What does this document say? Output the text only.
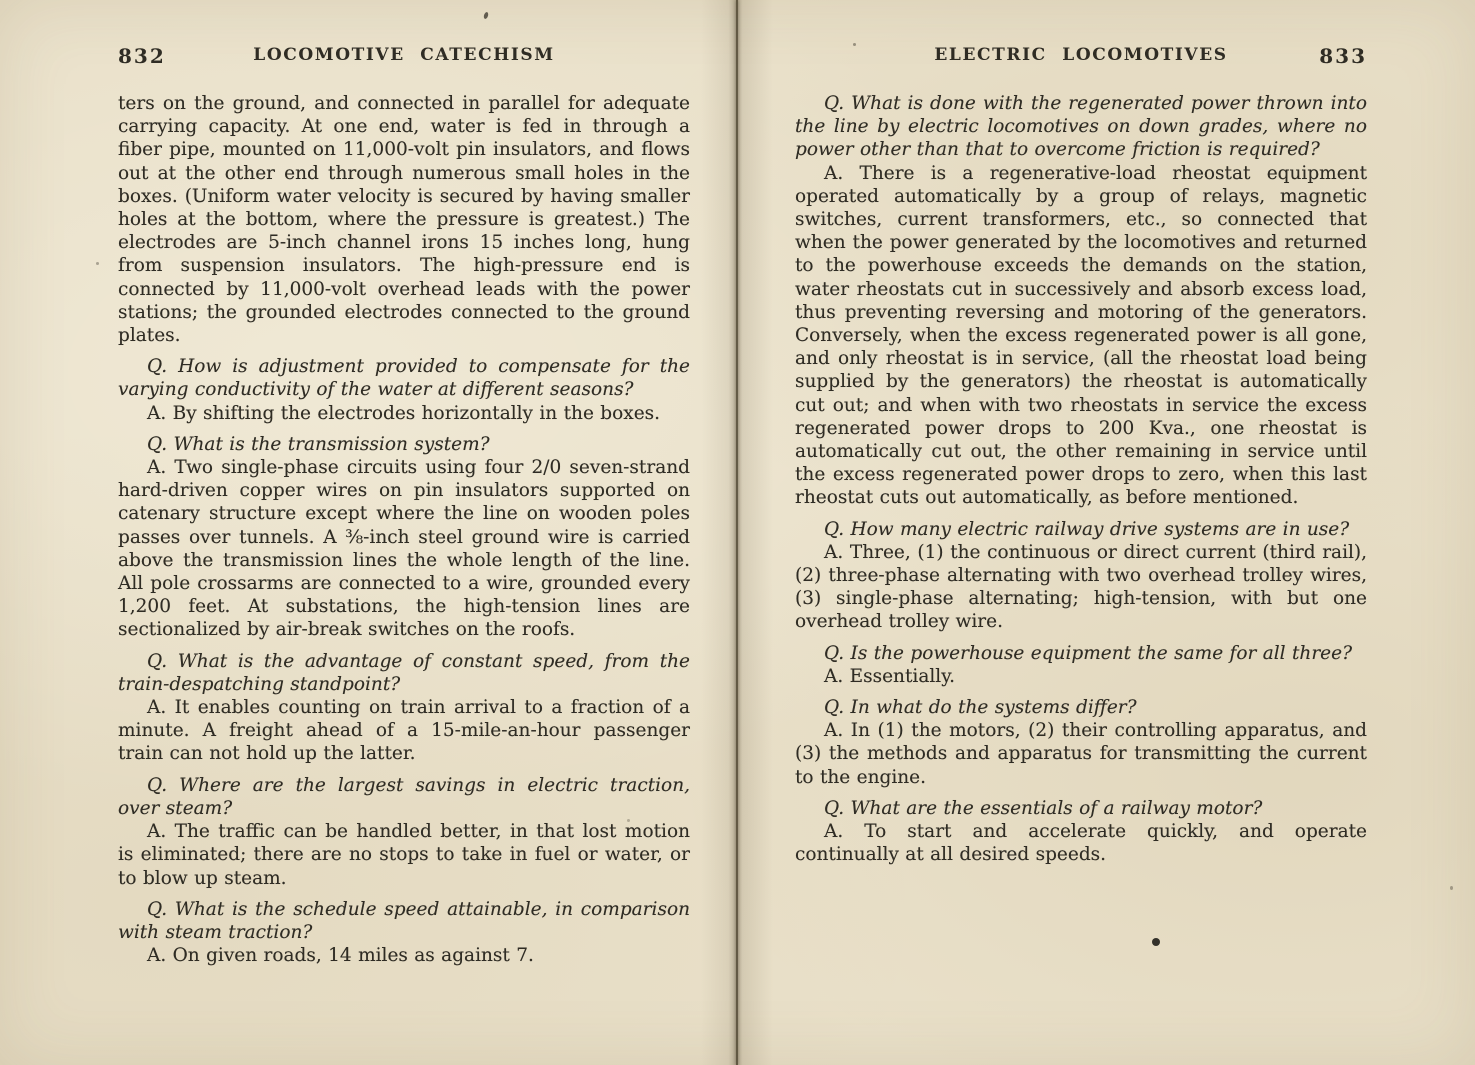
832	LOCOMOTIVE CATECHISM

ters on the ground, and connected in parallel for adequate carrying capacity. At one end, water is fed in through a fiber pipe, mounted on 11,000-volt pin insulators, and flows out at the other end through numerous small holes in the boxes. (Uniform water velocity is secured by having smaller holes at the bottom, where the pressure is greatest.) The electrodes are 5-inch channel irons 15 inches long, hung from suspension insulators. The high-pressure end is connected by 11,000-volt overhead leads with the power stations; the grounded electrodes connected to the ground plates.

Q. How is adjustment provided to compensate for the varying conductivity of the water at different seasons?

A. By shifting the electrodes horizontally in the boxes.

Q. What is the transmission system?

A. Two single-phase circuits using four 2/0 seven-strand hard-driven copper wires on pin insulators supported on catenary structure except where the line on wooden poles passes over tunnels. A ⅜-inch steel ground wire is carried above the transmission lines the whole length of the line. All pole crossarms are connected to a wire, grounded every 1,200 feet. At substations, the high-tension lines are sectionalized by air-break switches on the roofs.

Q. What is the advantage of constant speed, from the train-despatching standpoint?

A. It enables counting on train arrival to a fraction of a minute. A freight ahead of a 15-mile-an-hour passenger train can not hold up the latter.

Q. Where are the largest savings in electric traction, over steam?

A. The traffic can be handled better, in that lost motion is eliminated; there are no stops to take in fuel or water, or to blow up steam.

Q. What is the schedule speed attainable, in comparison with steam traction?

A. On given roads, 14 miles as against 7.

ELECTRIC LOCOMOTIVES	833

Q. What is done with the regenerated power thrown into the line by electric locomotives on down grades, where no power other than that to overcome friction is required?

A. There is a regenerative-load rheostat equipment operated automatically by a group of relays, magnetic switches, current transformers, etc., so connected that when the power generated by the locomotives and returned to the powerhouse exceeds the demands on the station, water rheostats cut in successively and absorb excess load, thus preventing reversing and motoring of the generators. Conversely, when the excess regenerated power is all gone, and only rheostat is in service, (all the rheostat load being supplied by the generators) the rheostat is automatically cut out; and when with two rheostats in service the excess regenerated power drops to 200 Kva., one rheostat is automatically cut out, the other remaining in service until the excess regenerated power drops to zero, when this last rheostat cuts out automatically, as before mentioned.

Q. How many electric railway drive systems are in use?

A. Three, (1) the continuous or direct current (third rail), (2) three-phase alternating with two overhead trolley wires, (3) single-phase alternating; high-tension, with but one overhead trolley wire.

Q. Is the powerhouse equipment the same for all three?

A. Essentially.

Q. In what do the systems differ?

A. In (1) the motors, (2) their controlling apparatus, and (3) the methods and apparatus for transmitting the current to the engine.

Q. What are the essentials of a railway motor?

A. To start and accelerate quickly, and operate continually at all desired speeds.
